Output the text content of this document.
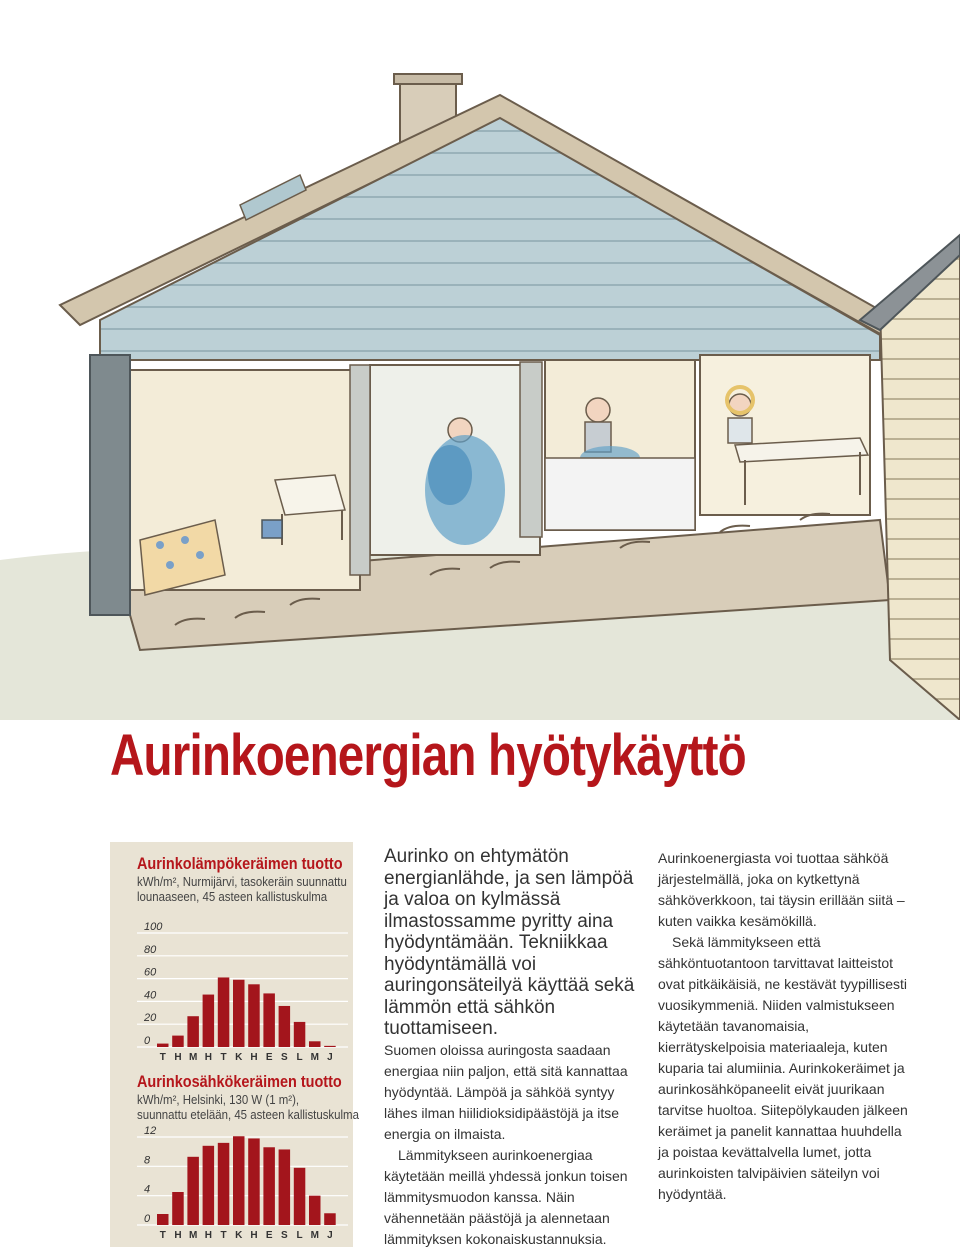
Aurinkoenergian hyötykäyttö
Aurinkolämpökeräimen tuotto
kWh/m², Nurmijärvi, tasokeräin suunnattu
lounaaseen, 45 asteen kallistuskulma
100
80
60
40
20
0
T H M H T K H E S L M J
Aurinkosähkökeräimen tuotto
kWh/m², Helsinki, 130 W (1 m²),
suunnattu etelään, 45 asteen kallistuskulma
12
8
4
0
T H M H T K H E S L M J
Aurinko on ehtymätön energianlähde, ja sen lämpöä ja valoa on kylmässä ilmastossamme pyritty aina hyödyntämään. Tekniikkaa hyödyntämällä voi auringonsäteilyä käyttää sekä lämmön että sähkön tuottamiseen.

Suomen oloissa auringosta saadaan energiaa niin paljon, että sitä kannattaa hyödyntää. Lämpöä ja sähköä syntyy lähes ilman hiilidioksidipäästöjä ja itse energia on ilmaista.

Lämmitykseen aurinkoenergiaa käytetään meillä yhdessä jonkun toisen lämmitysmuodon kanssa. Näin vähennetään päästöjä ja alennetaan lämmityksen kokonaiskustannuksia.

Aurinkoenergiasta voi tuottaa sähköä järjestelmällä, joka on kytkettynä sähköverkkoon, tai täysin erillään siitä – kuten vaikka kesämökillä.

Sekä lämmitykseen että sähköntuotantoon tarvittavat laitteistot ovat pitkäikäisiä, ne kestävät tyypillisesti vuosikymmeniä. Niiden valmistukseen käytetään tavanomaisia, kierrätyskelpoisia materiaaleja, kuten kuparia tai alumiinia. Aurinkokeräimet ja aurinkosähköpaneelit eivät juurikaan tarvitse huoltoa. Siitepölykauden jälkeen keräimet ja panelit kannattaa huuhdella ja poistaa kevättalvella lumet, jotta aurinkoisten talvipäivien säteilyn voi hyödyntää.
